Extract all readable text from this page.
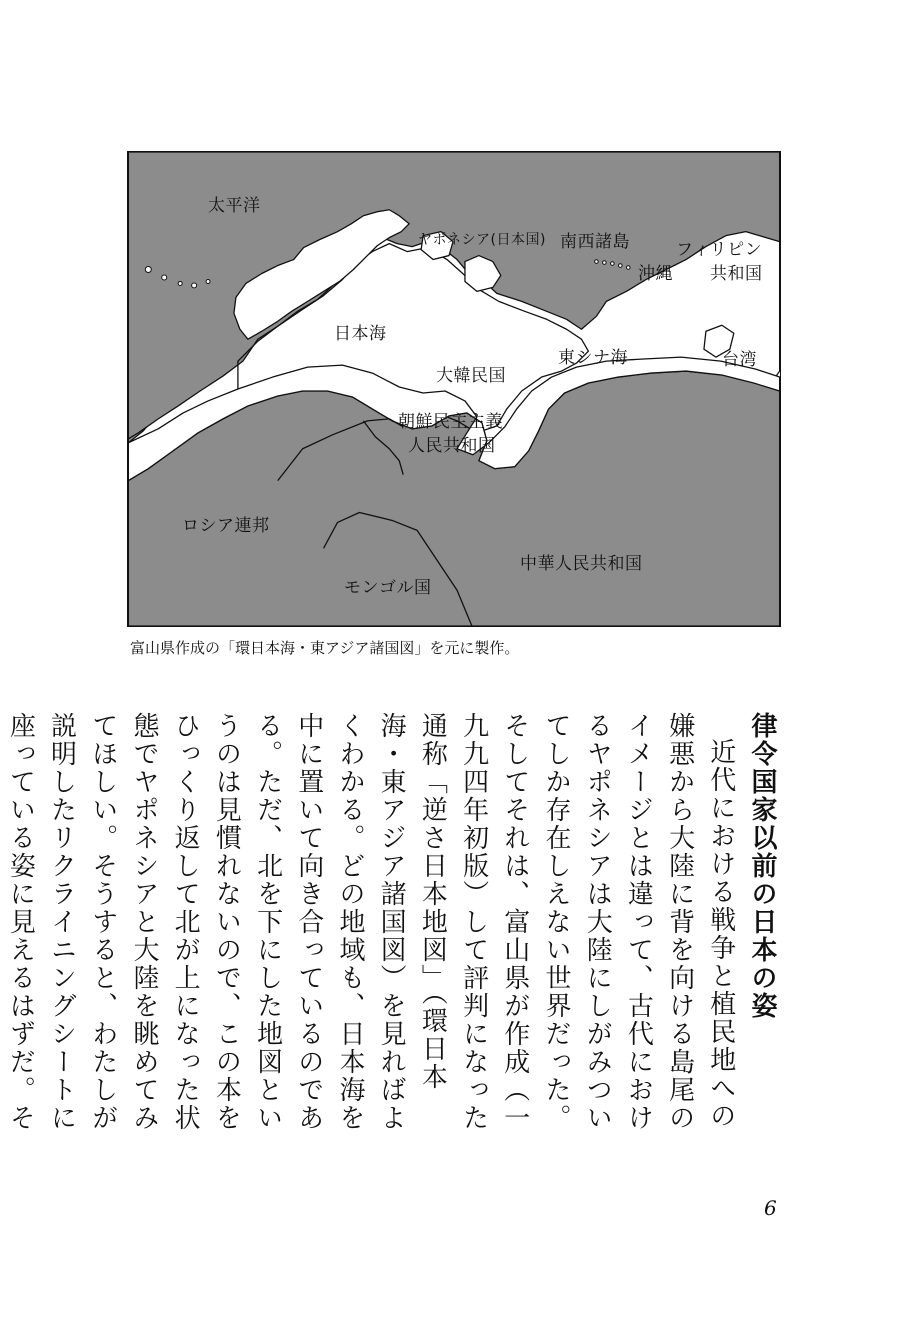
太平洋
ヤポネシア(日本国) 南西諸島	フィリピン
共和国
沖縄
日本海
東シナ海	台湾
大韓民国
朝鮮民主主義
人民共和国
ロシア連邦
モンゴル国
中華人民共和国
富山県作成の「環日本海・東アジア諸国図」を元に製作。
律令国家以前の日本の姿
近代における戦争と植民地への嫌悪から大陸に背を向ける島尾のイメージとは違って、古代におけるヤポネシアは大陸にしがみついてしか存在しえない世界だった。そしてそれは、富山県が作成（一九九四年初版）して評判になった通称「逆さ日本地図」（環日本海・東アジア諸国図）を見ればよくわかる。どの地域も、日本海を中に置いて向き合っているのである。ただ、北を下にした地図というのは見慣れないので、この本をひっくり返して北が上になった状態でヤポネシアと大陸を眺めてみてほしい。そうすると、わたしが説明したリクライニングシートに座っている姿に見えるはずだ。そ
6
